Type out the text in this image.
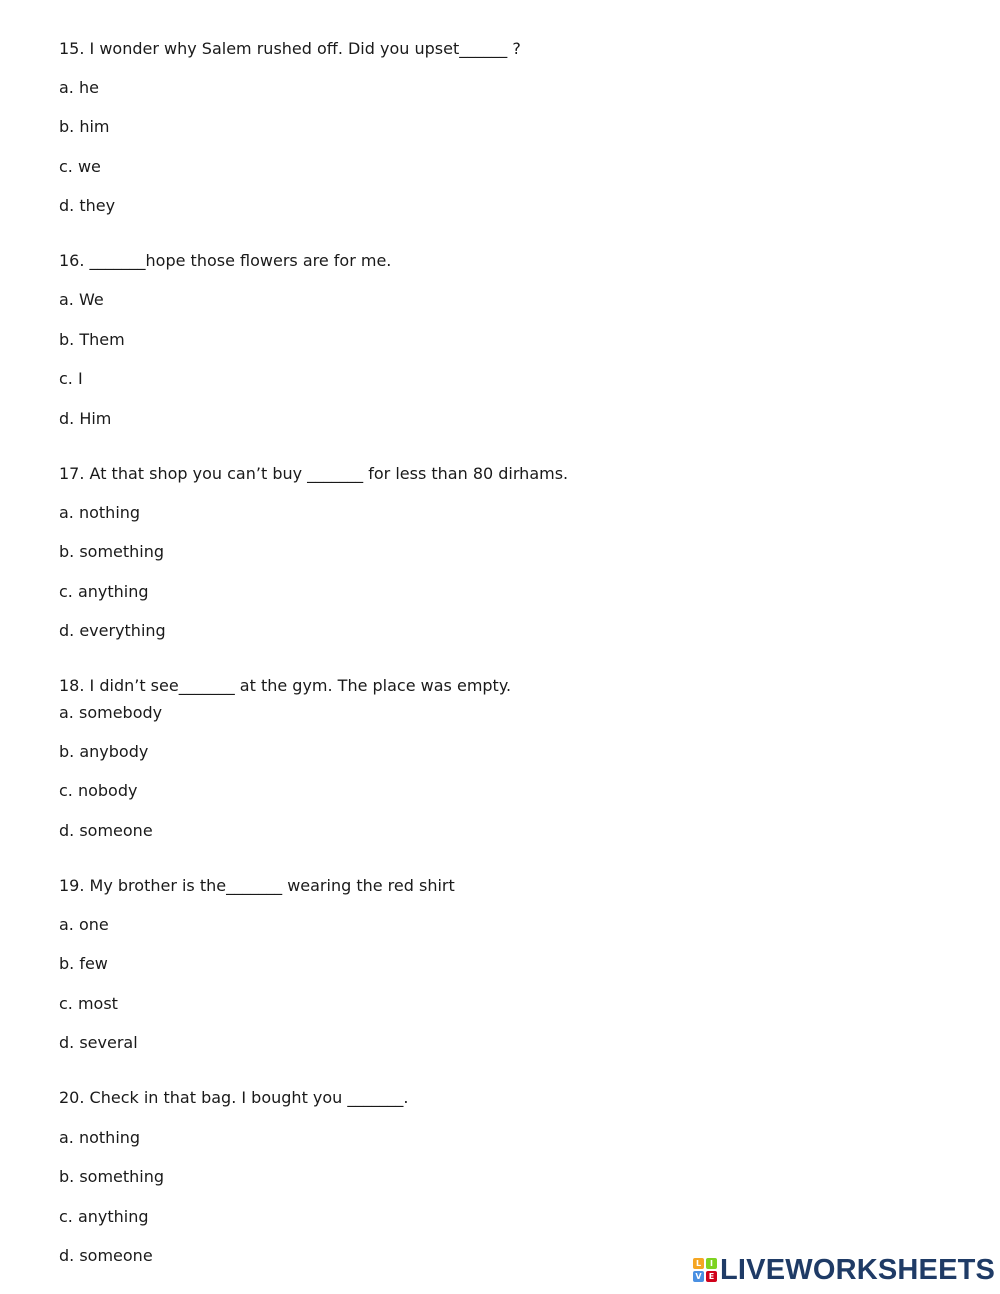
15. I wonder why Salem rushed off. Did you upset______ ?
a. he
b. him
c. we
d. they
16. _______hope those flowers are for me.
a. We
b. Them
c. I
d. Him
17. At that shop you can’t buy _______ for less than 80 dirhams.
a. nothing
b. something
c. anything
d. everything
18. I didn’t see_______ at the gym. The place was empty.
a. somebody
b. anybody
c. nobody
d. someone
19. My brother is the_______ wearing the red shirt
a. one
b. few
c. most
d. several
20. Check in that bag. I bought you _______.
a. nothing
b. something
c. anything
d. someone	L	I
V E LIVEWORKSHEETS
